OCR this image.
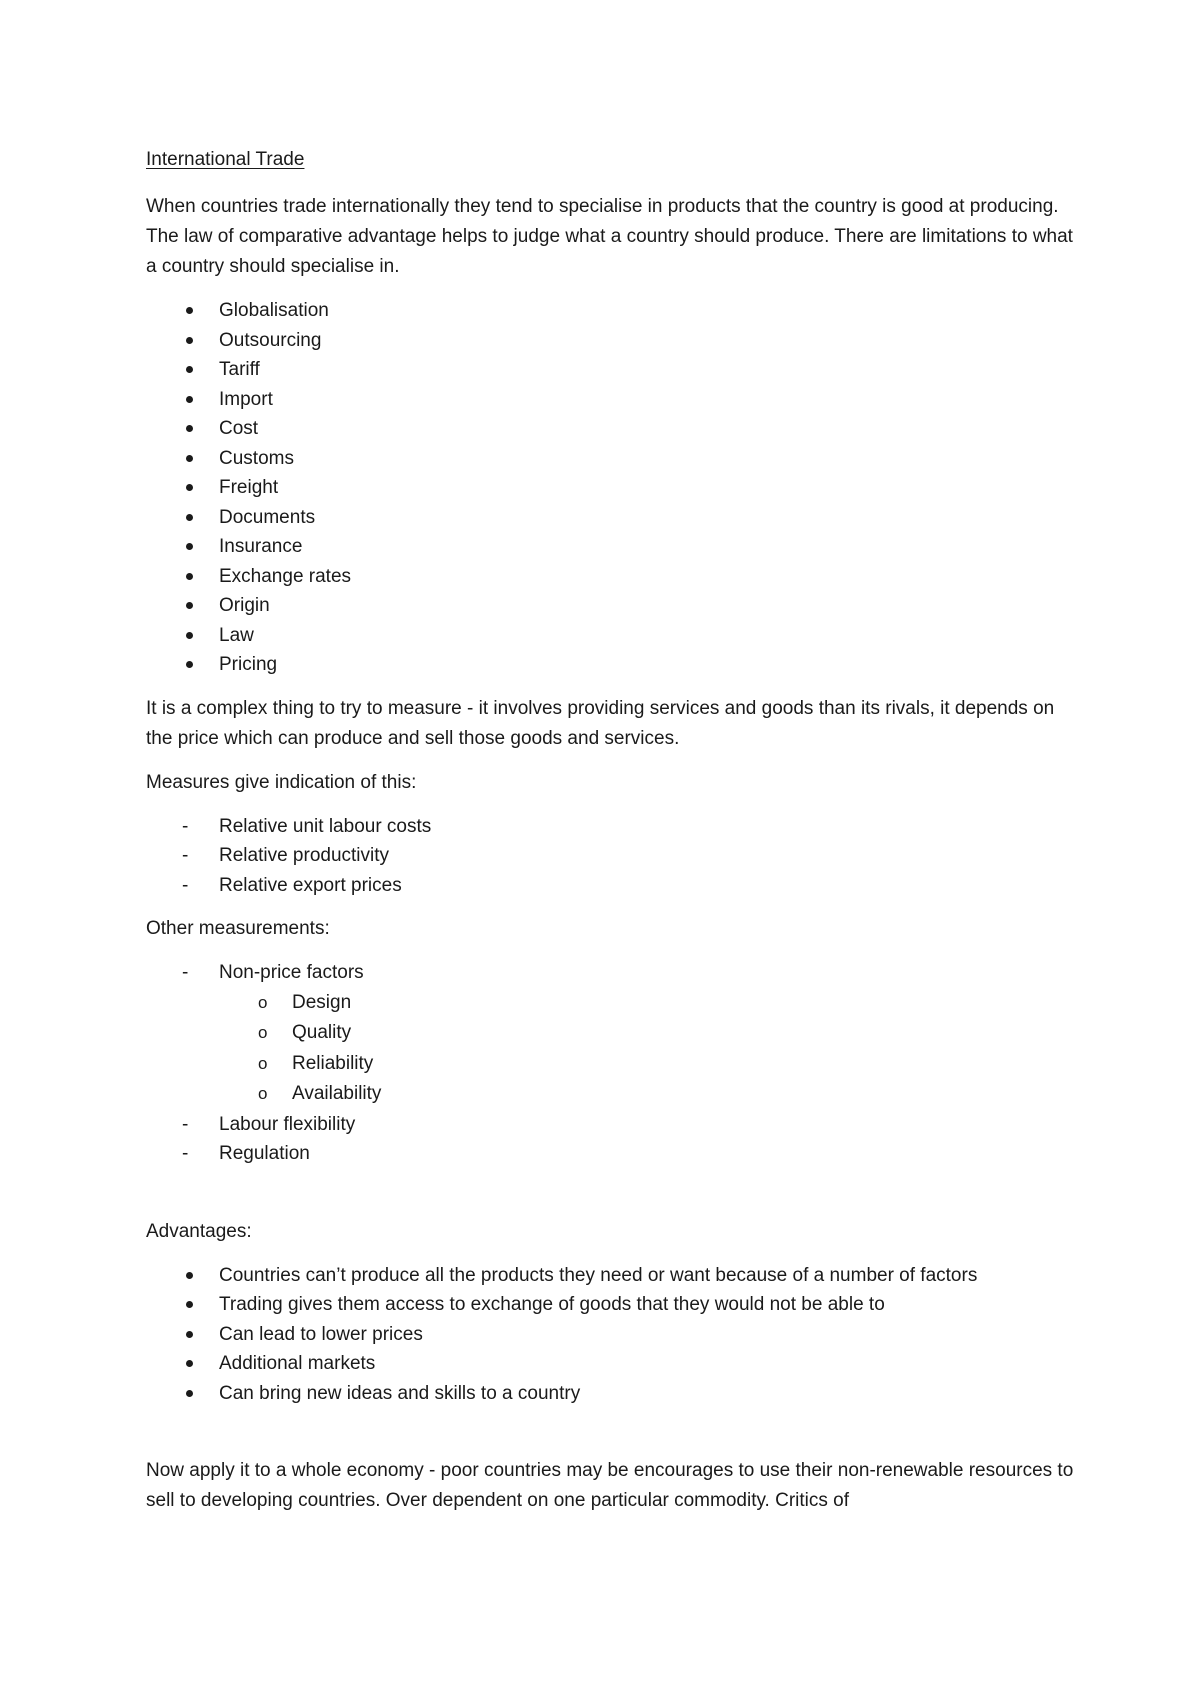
International Trade

When countries trade internationally they tend to specialise in products that the country is good at producing. The law of comparative advantage helps to judge what a country should produce. There are limitations to what a country should specialise in.

Globalisation
Outsourcing
Tariff
Import
Cost
Customs
Freight
Documents
Insurance
Exchange rates
Origin
Law
Pricing

It is a complex thing to try to measure - it involves providing services and goods than its rivals, it depends on the price which can produce and sell those goods and services.

Measures give indication of this:

-	Relative unit labour costs
-	Relative productivity
-	Relative export prices

Other measurements:

-	Non-price factors
o Design
o Quality
o Reliability
o Availability
-	Labour flexibility
-	Regulation

Advantages:

Countries can’t produce all the products they need or want because of a number of factors
Trading gives them access to exchange of goods that they would not be able to
Can lead to lower prices
Additional markets
Can bring new ideas and skills to a country

Now apply it to a whole economy - poor countries may be encourages to use their non-renewable resources to sell to developing countries. Over dependent on one particular commodity. Critics of
